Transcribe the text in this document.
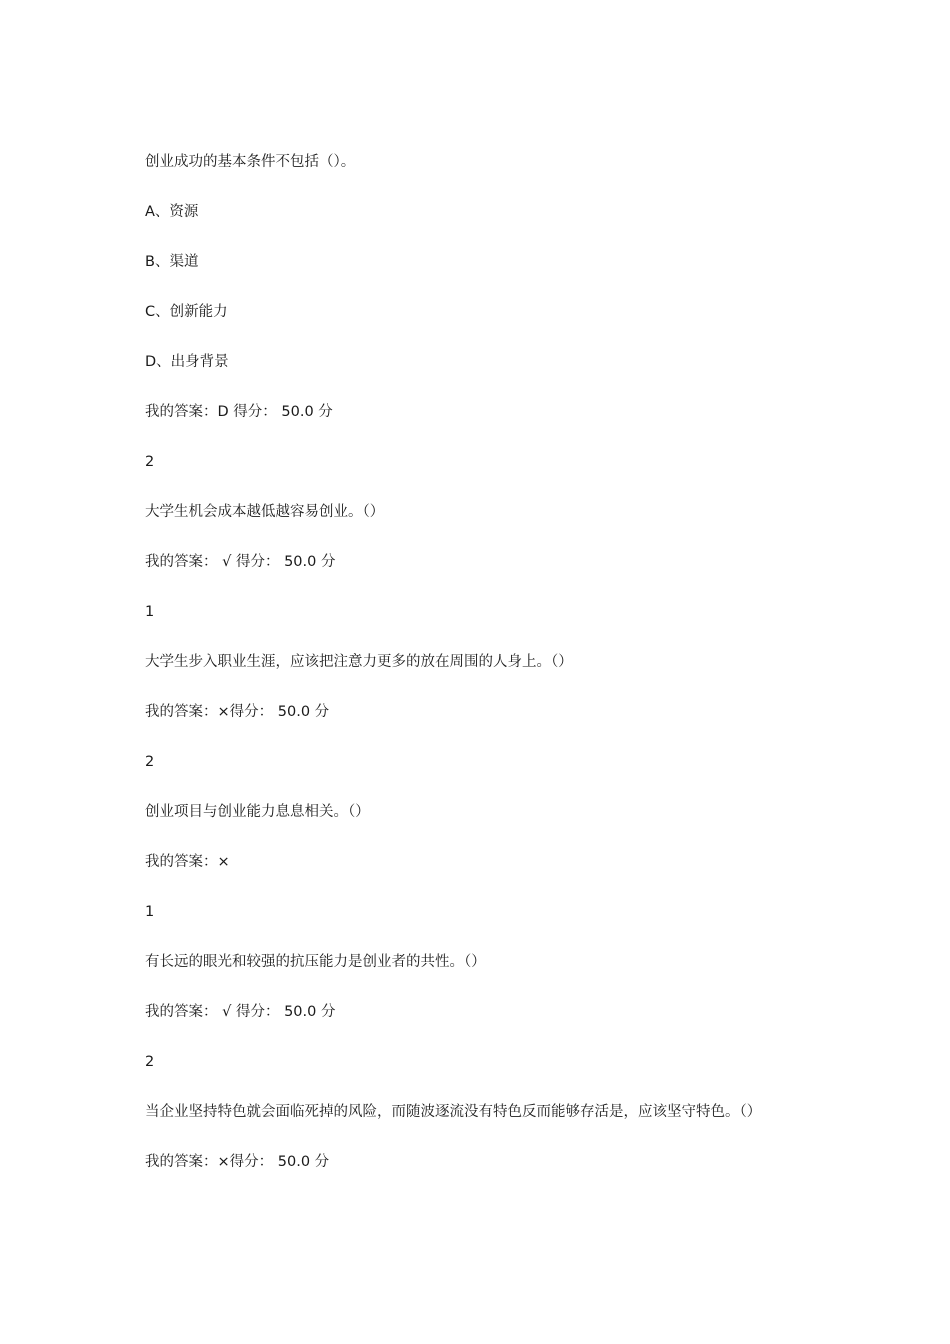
创业成功的基本条件不包括（）。

A、资源

B、渠道

C、创新能力

D、出身背景

我的答案：D 得分： 50.0 分

2

大学生机会成本越低越容易创业。（）

我的答案： √ 得分： 50.0 分

1

大学生步入职业生涯，应该把注意力更多的放在周围的人身上。（）

我的答案：×得分： 50.0 分

2

创业项目与创业能力息息相关。（）

我的答案：×

1

有长远的眼光和较强的抗压能力是创业者的共性。（）

我的答案： √ 得分： 50.0 分

2

当企业坚持特色就会面临死掉的风险，而随波逐流没有特色反而能够存活是，应该坚守特色。（）

我的答案：×得分： 50.0 分
